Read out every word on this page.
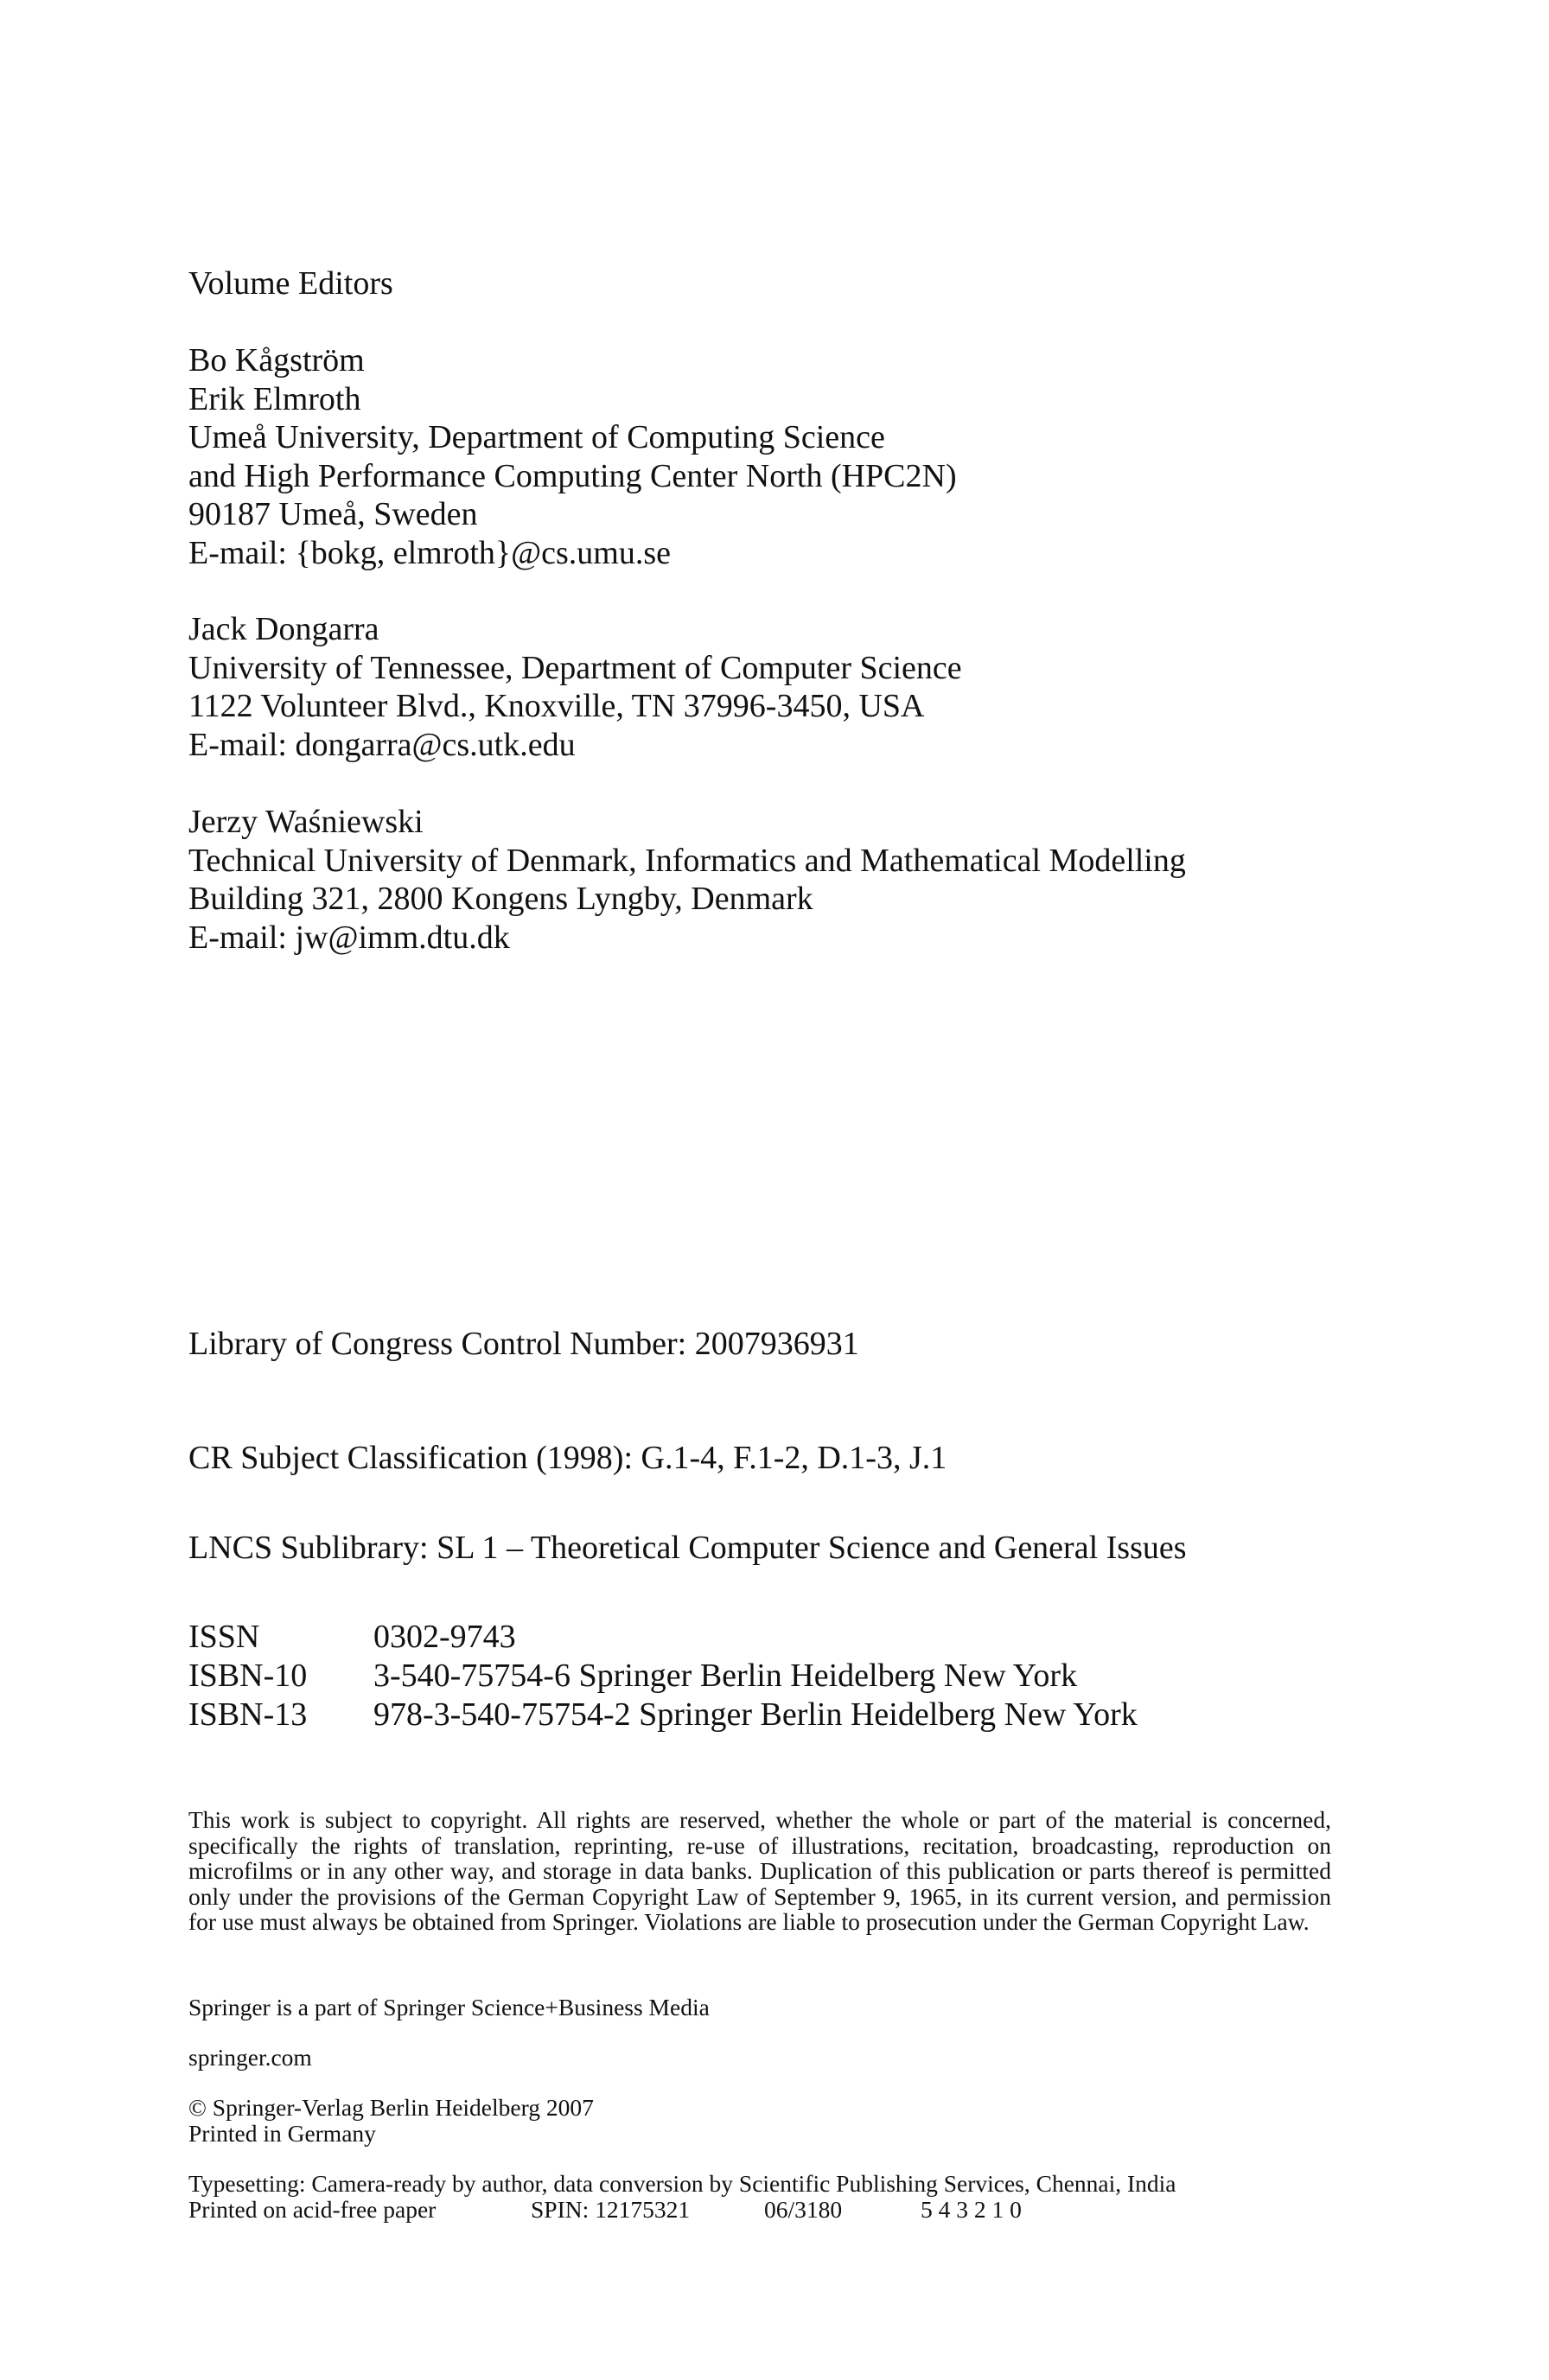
Volume Editors
Bo Kågström
Erik Elmroth
Umeå University, Department of Computing Science
and High Performance Computing Center North (HPC2N)
90187 Umeå, Sweden
E-mail: {bokg, elmroth}@cs.umu.se
Jack Dongarra
University of Tennessee, Department of Computer Science
1122 Volunteer Blvd., Knoxville, TN 37996-3450, USA
E-mail: dongarra@cs.utk.edu
Jerzy Waśniewski
Technical University of Denmark, Informatics and Mathematical Modelling
Building 321, 2800 Kongens Lyngby, Denmark
E-mail: jw@imm.dtu.dk
Library of Congress Control Number: 2007936931
CR Subject Classification (1998): G.1-4, F.1-2, D.1-3, J.1
LNCS Sublibrary: SL 1 – Theoretical Computer Science and General Issues
ISSN	0302-9743
ISBN-10	3-540-75754-6 Springer Berlin Heidelberg New York
ISBN-13	978-3-540-75754-2 Springer Berlin Heidelberg New York
This work is subject to copyright. All rights are reserved, whether the whole or part of the material is concerned, specifically the rights of translation, reprinting, re-use of illustrations, recitation, broadcasting, reproduction on microfilms or in any other way, and storage in data banks. Duplication of this publication or parts thereof is permitted only under the provisions of the German Copyright Law of September 9, 1965, in its current version, and permission for use must always be obtained from Springer. Violations are liable to prosecution under the German Copyright Law.
Springer is a part of Springer Science+Business Media
springer.com
© Springer-Verlag Berlin Heidelberg 2007
Printed in Germany
Typesetting: Camera-ready by author, data conversion by Scientific Publishing Services, Chennai, India
Printed on acid-free paper	SPIN: 12175321	06/3180	5 4 3 2 1 0
